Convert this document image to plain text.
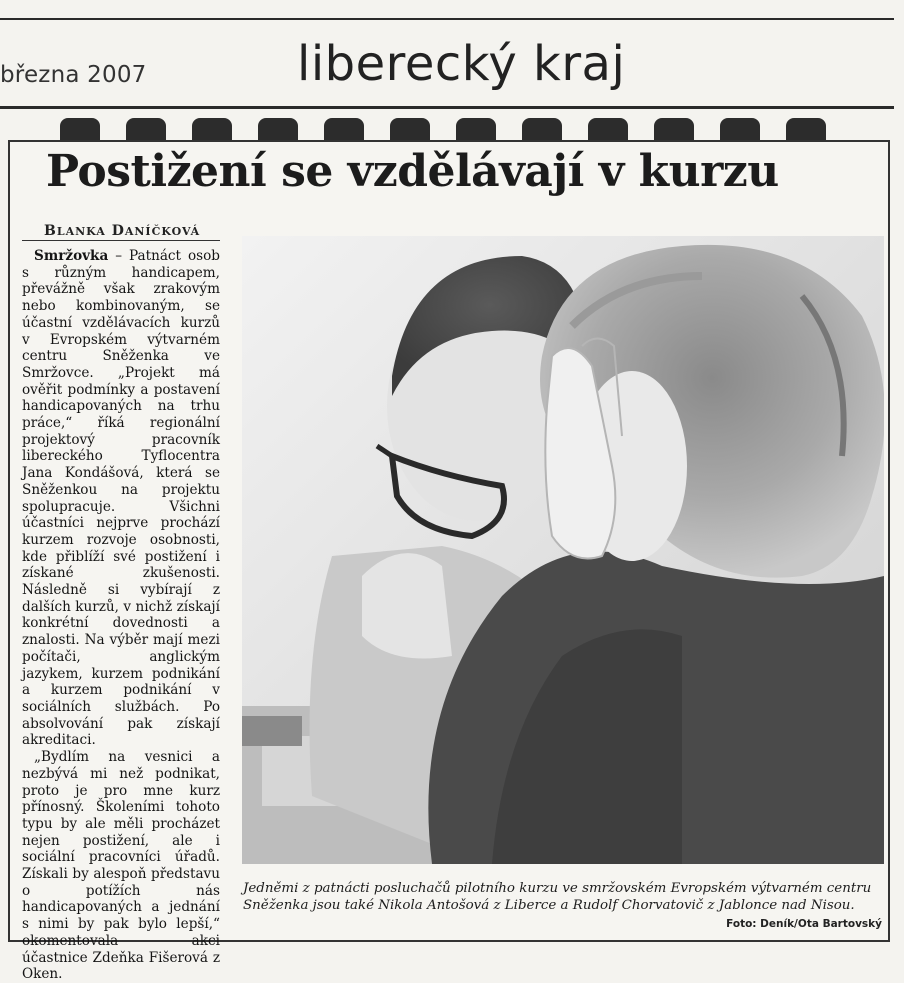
března 2007	liberecký kraj
Postižení se vzdělávají v kurzu
BLANKA DANÍČKOVÁ

Smržovka – Patnáct osob s různým handicapem, převážně však zrakovým nebo kombinovaným, se účastní vzdělávacích kurzů v Evropském výtvarném centru Sněženka ve Smržovce. „Projekt má ověřit podmínky a postavení handicapovaných na trhu práce,“ říká regionální projektový pracovník libereckého Tyflocentra Jana Kondášová, která se Sněženkou na projektu spolupracuje. Všichni účastníci nejprve prochází kurzem rozvoje osobnosti, kde přiblíží své postižení i získané zkušenosti. Následně si vybírají z dalších kurzů, v nichž získají konkrétní dovednosti a znalosti. Na výběr mají mezi počítači, anglickým jazykem, kurzem podnikání a kurzem podnikání v sociálních službách. Po absolvování pak získají akreditaci.

„Bydlím na vesnici a nezbývá mi než podnikat, proto je pro mne kurz přínosný. Školeními tohoto typu by ale měli procházet nejen postižení, ale i sociální pracovníci úřadů. Získali by alespoň představu o potížích nás handicapovaných a jednání s nimi by pak bylo lepší,“ okomentovala akci účastnice Zdeňka Fišerová z Oken.

Jedněmi z patnácti posluchačů pilotního kurzu ve smržovském Evropském výtvarném centru Sněženka jsou také Nikola Antošová z Liberce a Rudolf Chorvatovič z Jablonce nad Nisou.
Foto: Deník/Ota Bartovský
